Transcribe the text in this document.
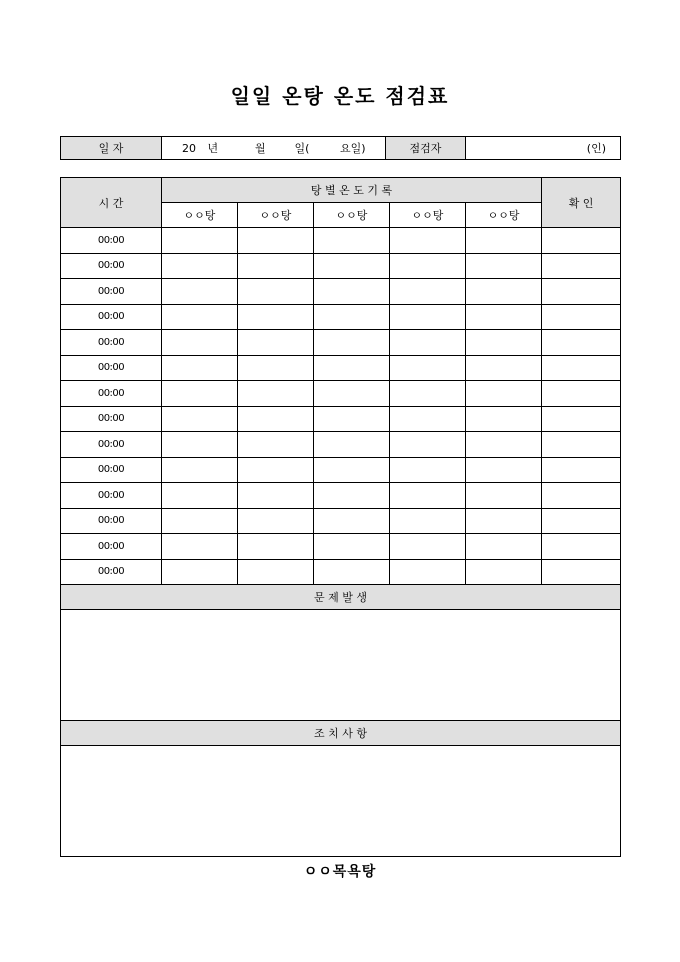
일일 온탕 온도 점검표
일 자	20 년	월	일(	요일)	점검자	(인)
시 간	탕 별 온 도 기 록					확 인
	ㅇㅇ탕	ㅇㅇ탕	ㅇㅇ탕	ㅇㅇ탕	ㅇㅇ탕	
00:00						
00:00						
00:00						
00:00						
00:00						
00:00						
00:00						
00:00						
00:00						
00:00						
00:00						
00:00						
00:00						
00:00						
문 제 발 생						

조 치 사 항						

ㅇㅇ목욕탕
